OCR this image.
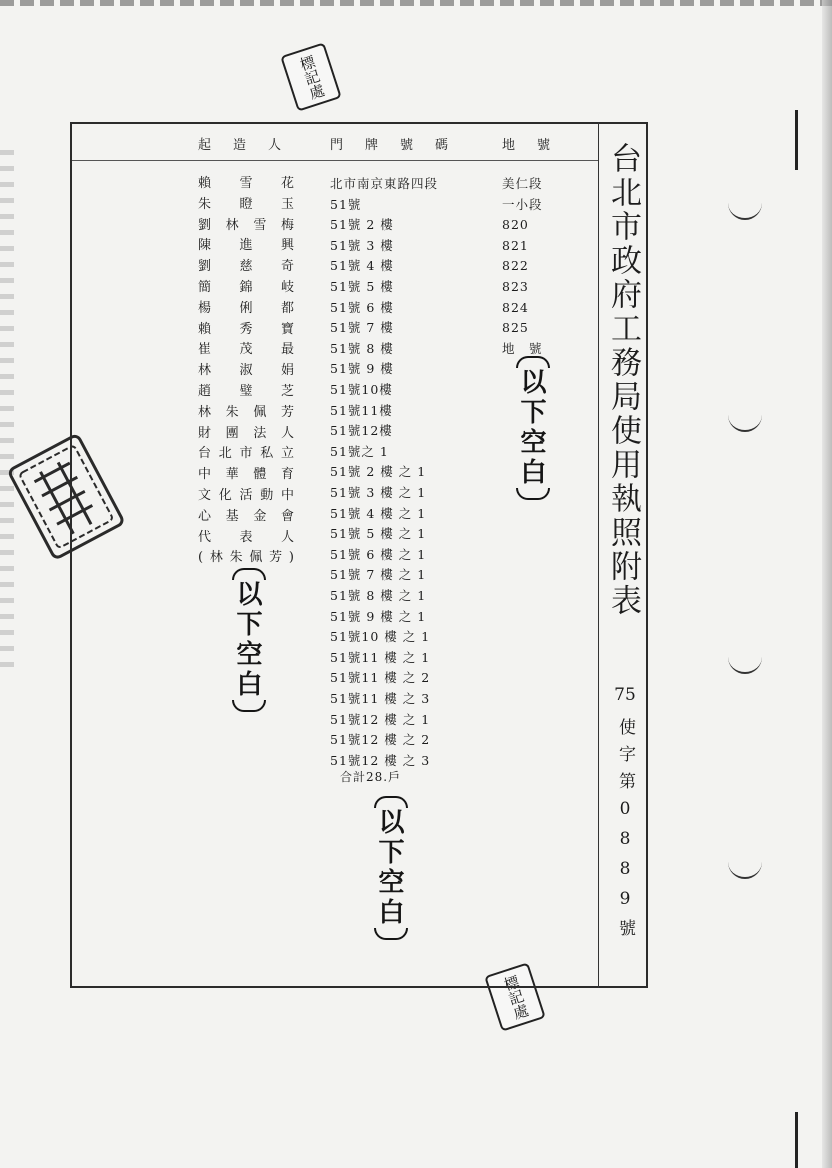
標記處
標記處
台北市政府工務局使用執照附表
75
使字第0889號
起造人 門牌號碼 地號
賴雪花
朱瞪玉
劉林雪梅
陳進興
劉慈奇
簡錦岐
楊俐都
賴秀寶
崔茂最
林淑娟
趙璧芝
林朱佩芳
財團法人
台北市私立
中華體育
文化活動中
心基金會
代表人
(林朱佩芳)
北市南京東路四段
51號
51號 2 樓
51號 3 樓
51號 4 樓
51號 5 樓
51號 6 樓
51號 7 樓
51號 8 樓
51號 9 樓
51號10樓
51號11樓
51號12樓
51號之 1
51號 2 樓 之 1
51號 3 樓 之 1
51號 4 樓 之 1
51號 5 樓 之 1
51號 6 樓 之 1
51號 7 樓 之 1
51號 8 樓 之 1
51號 9 樓 之 1
51號10 樓 之 1
51號11 樓 之 1
51號11 樓 之 2
51號11 樓 之 3
51號12 樓 之 1
51號12 樓 之 2
51號12 樓 之 3
美仁段
一小段
820
821
822
823
824
825
地　號
合計28.戶
以下空白
以下空白
以下空白
